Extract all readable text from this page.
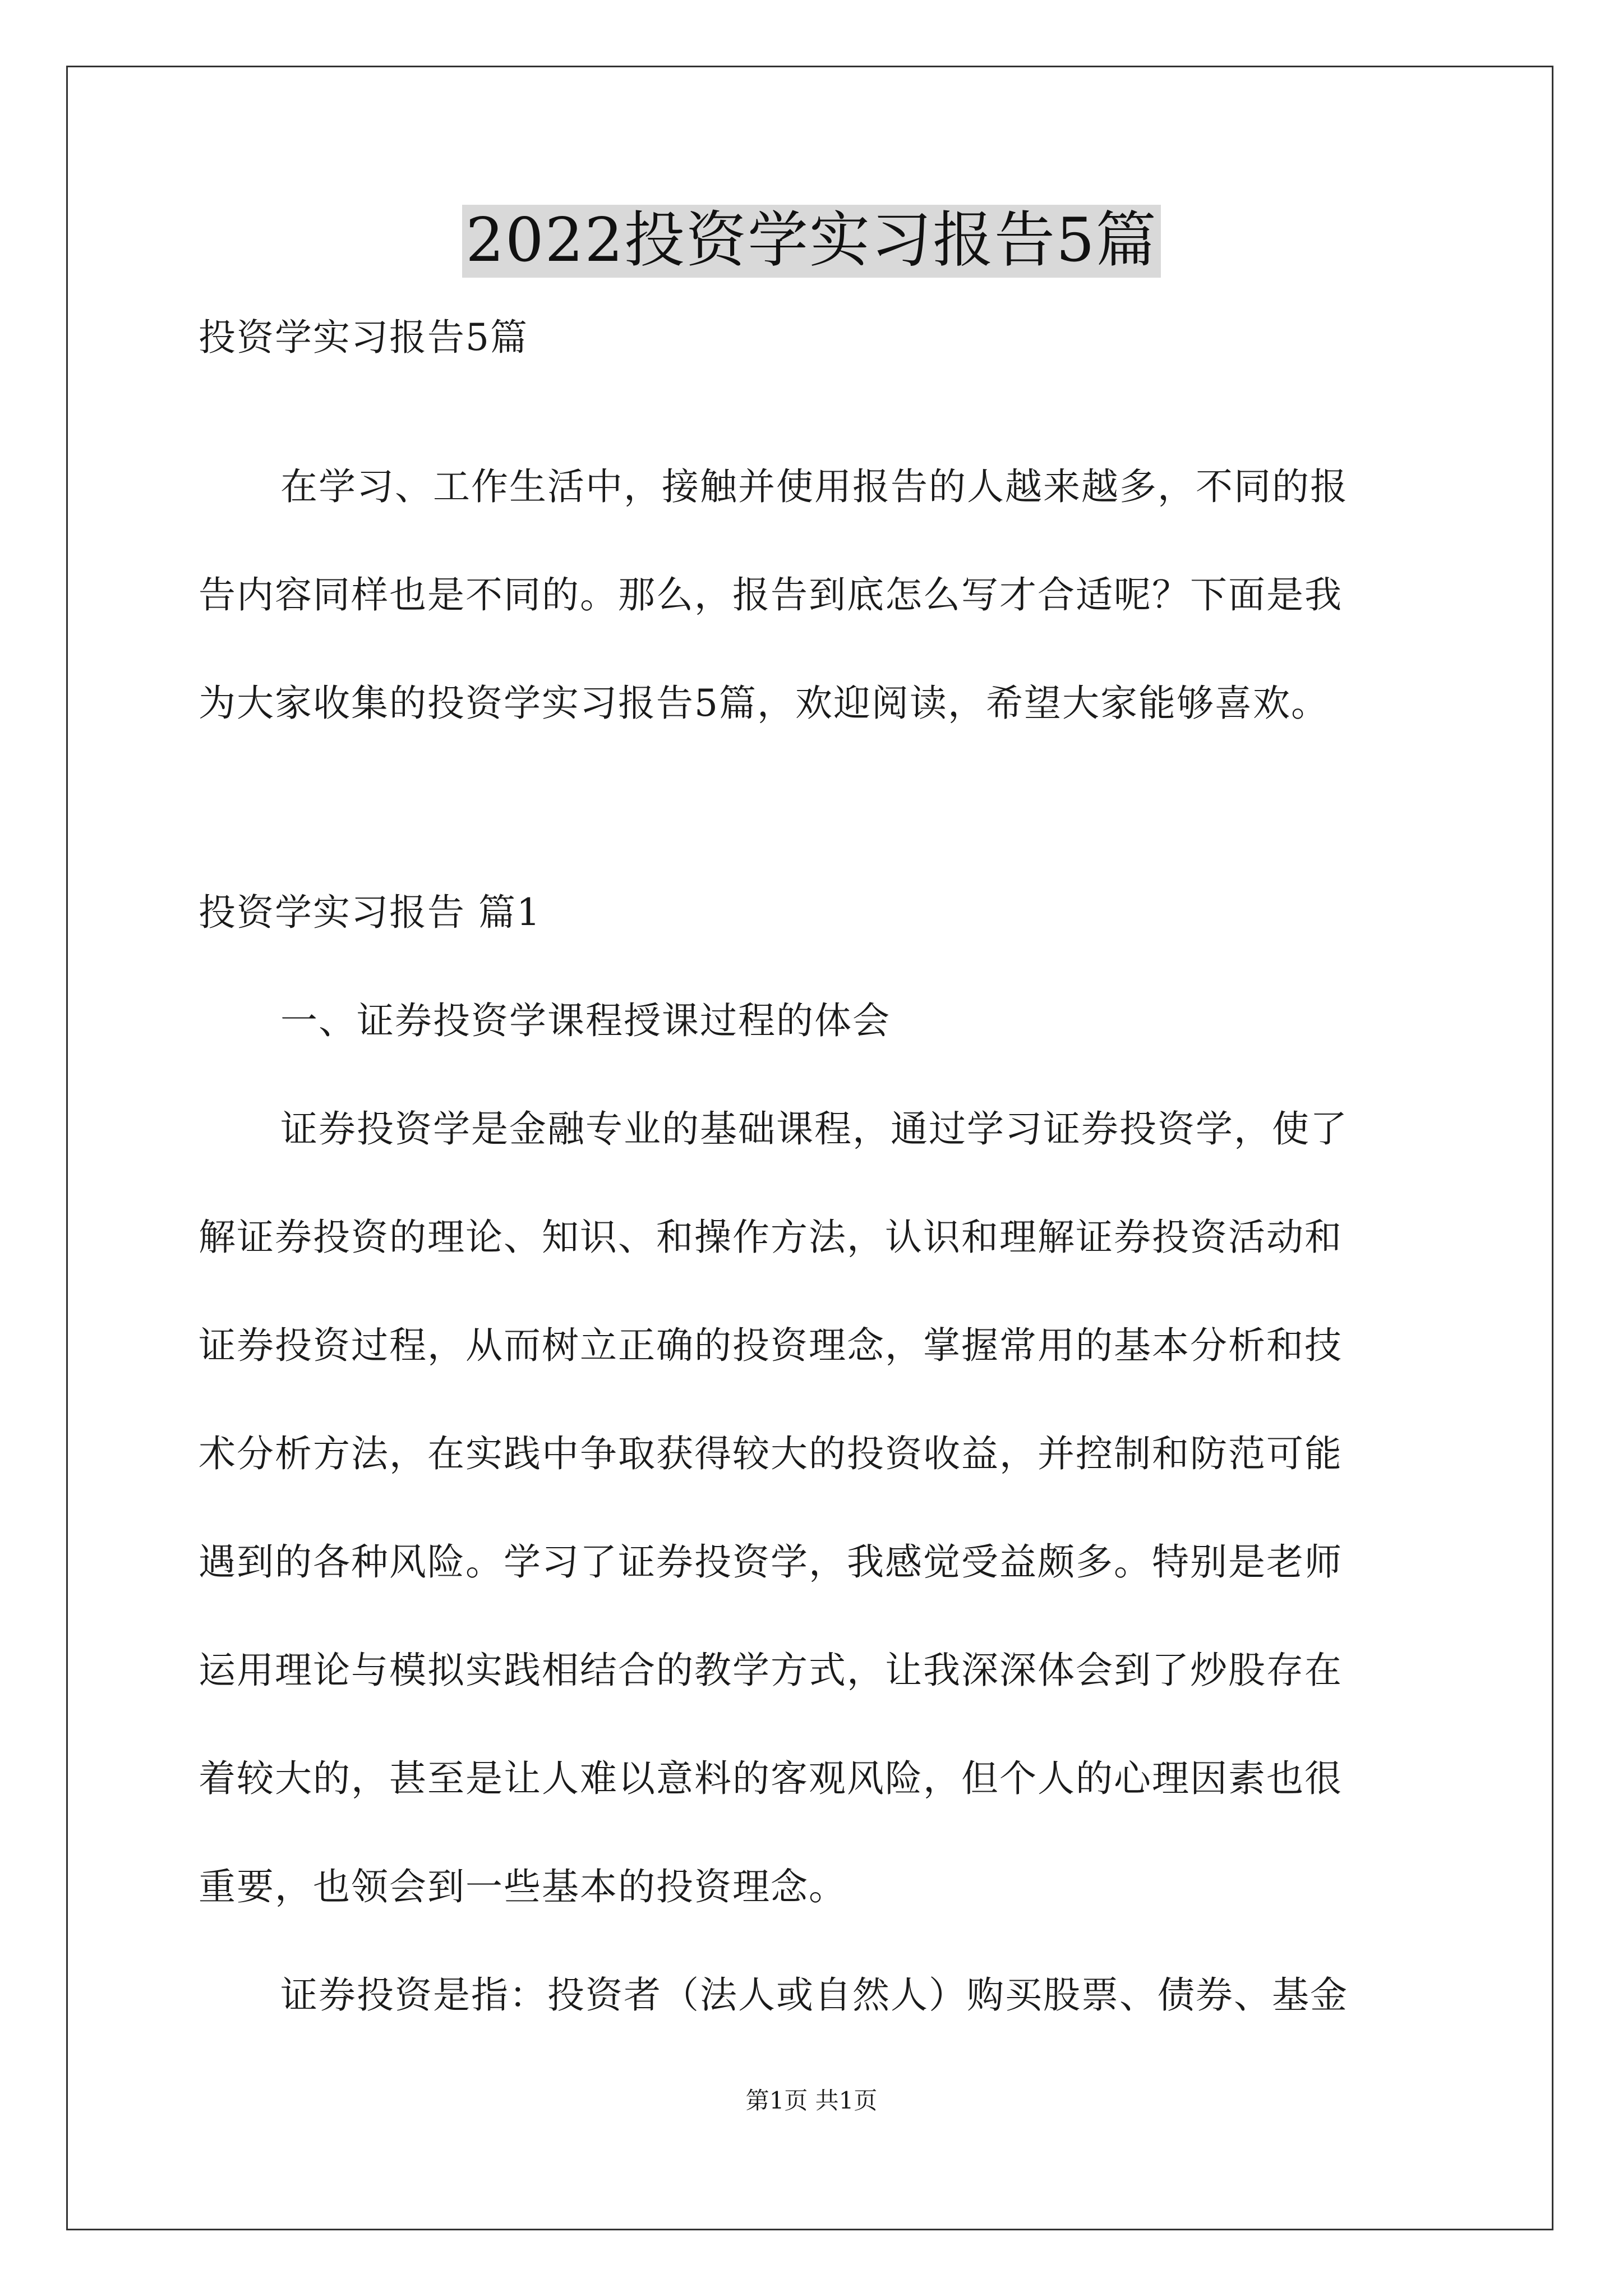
2022投资学实习报告5篇
投资学实习报告5篇
在学习、工作生活中，接触并使用报告的人越来越多，不同的报
告内容同样也是不同的。那么，报告到底怎么写才合适呢？下面是我
为大家收集的投资学实习报告5篇，欢迎阅读，希望大家能够喜欢。
投资学实习报告 篇1
一、证券投资学课程授课过程的体会
证券投资学是金融专业的基础课程，通过学习证券投资学，使了
解证券投资的理论、知识、和操作方法，认识和理解证券投资活动和
证券投资过程，从而树立正确的投资理念，掌握常用的基本分析和技
术分析方法，在实践中争取获得较大的投资收益，并控制和防范可能
遇到的各种风险。学习了证券投资学，我感觉受益颇多。特别是老师
运用理论与模拟实践相结合的教学方式，让我深深体会到了炒股存在
着较大的，甚至是让人难以意料的客观风险，但个人的心理因素也很
重要，也领会到一些基本的投资理念。
证券投资是指：投资者（法人或自然人）购买股票、债券、基金
第1页 共1页
